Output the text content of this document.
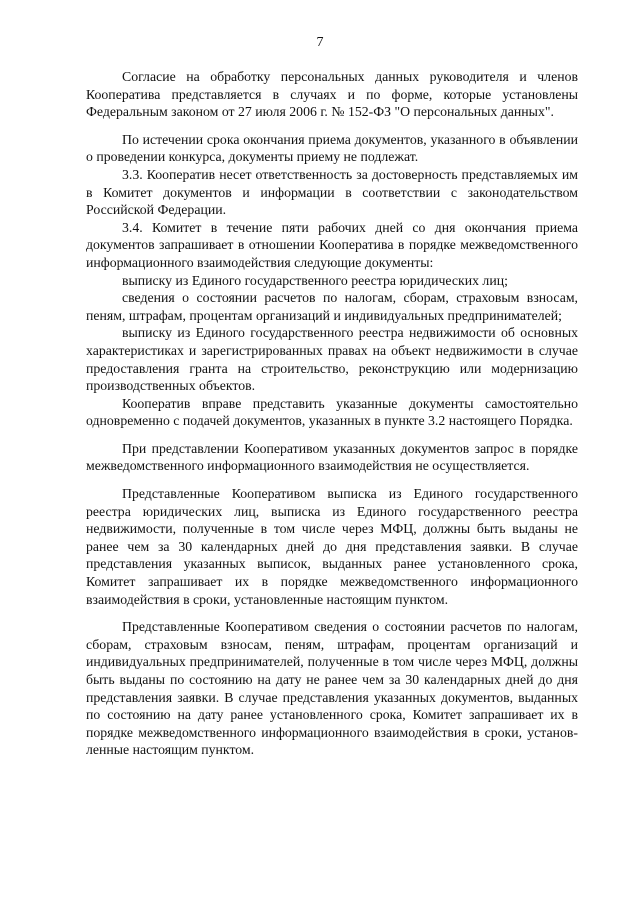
7

Согласие на обработку персональных данных руководителя и членов Кооператива представляется в случаях и по форме, которые установлены Федеральным законом от 27 июля 2006 г. № 152-ФЗ "О персональных данных".

По истечении срока окончания приема документов, указанного в объявлении о проведении конкурса, документы приему не подлежат.

3.3. Кооператив несет ответственность за достоверность представляемых им в Комитет документов и информации в соответствии с законодательством Российской Федерации.

3.4. Комитет в течение пяти рабочих дней со дня окончания приема документов запрашивает в отношении Кооператива в порядке межведомственного информационного взаимодействия следующие документы:

выписку из Единого государственного реестра юридических лиц;

сведения о состоянии расчетов по налогам, сборам, страховым взносам, пеням, штрафам, процентам организаций и индивидуальных предпринимателей;

выписку из Единого государственного реестра недвижимости об основных характеристиках и зарегистрированных правах на объект недвижимости в случае предоставления гранта на строительство, реконструкцию или модернизацию производственных объектов.

Кооператив вправе представить указанные документы самостоятельно одновременно с подачей документов, указанных в пункте 3.2 настоящего Порядка.

При представлении Кооперативом указанных документов запрос в порядке межведомственного информационного взаимодействия не осуществляется.

Представленные Кооперативом выписка из Единого государственного реестра юридических лиц, выписка из Единого государственного реестра недвижимости, полученные в том числе через МФЦ, должны быть выданы не ранее чем за 30 календарных дней до дня представления заявки. В случае представления указанных выписок, выданных ранее установленного срока, Комитет запрашивает их в порядке межведомственного информационного взаимодействия в сроки, установленные настоящим пунктом.

Представленные Кооперативом сведения о состоянии расчетов по налогам, сборам, страховым взносам, пеням, штрафам, процентам организаций и индивидуальных предпринимателей, полученные в том числе через МФЦ, должны быть выданы по состоянию на дату не ранее чем за 30 календарных дней до дня представления заявки. В случае представления указанных документов, выданных по состоянию на дату ранее установленного срока, Комитет запрашивает их в порядке межведомственного информационного взаимодействия в сроки, установленные настоящим пунктом.
